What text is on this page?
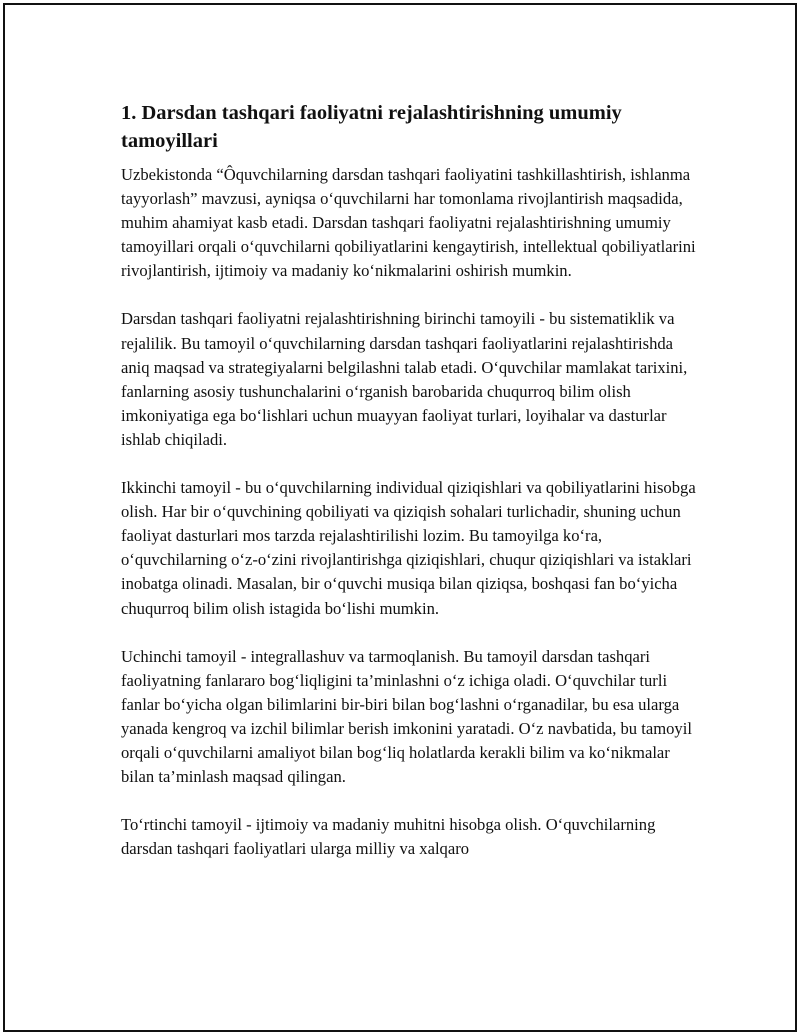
1. Darsdan tashqari faoliyatni rejalashtirishning umumiy tamoyillari

Uzbekistonda “Ôquvchilarning darsdan tashqari faoliyatini tashkillashtirish, ishlanma tayyorlash” mavzusi, ayniqsa o‘quvchilarni har tomonlama rivojlantirish maqsadida, muhim ahamiyat kasb etadi. Darsdan tashqari faoliyatni rejalashtirishning umumiy tamoyillari orqali o‘quvchilarni qobiliyatlarini kengaytirish, intellektual qobiliyatlarini rivojlantirish, ijtimoiy va madaniy ko‘nikmalarini oshirish mumkin.

Darsdan tashqari faoliyatni rejalashtirishning birinchi tamoyili - bu sistematiklik va rejalilik. Bu tamoyil o‘quvchilarning darsdan tashqari faoliyatlarini rejalashtirishda aniq maqsad va strategiyalarni belgilashni talab etadi. O‘quvchilar mamlakat tarixini, fanlarning asosiy tushunchalarini o‘rganish barobarida chuqurroq bilim olish imkoniyatiga ega bo‘lishlari uchun muayyan faoliyat turlari, loyihalar va dasturlar ishlab chiqiladi.

Ikkinchi tamoyil - bu o‘quvchilarning individual qiziqishlari va qobiliyatlarini hisobga olish. Har bir o‘quvchining qobiliyati va qiziqish sohalari turlichadir, shuning uchun faoliyat dasturlari mos tarzda rejalashtirilishi lozim. Bu tamoyilga ko‘ra, o‘quvchilarning o‘z-o‘zini rivojlantirishga qiziqishlari, chuqur qiziqishlari va istaklari inobatga olinadi. Masalan, bir o‘quvchi musiqa bilan qiziqsa, boshqasi fan bo‘yicha chuqurroq bilim olish istagida bo‘lishi mumkin.

Uchinchi tamoyil - integrallashuv va tarmoqlanish. Bu tamoyil darsdan tashqari faoliyatning fanlararo bog‘liqligini ta’minlashni o‘z ichiga oladi. O‘quvchilar turli fanlar bo‘yicha olgan bilimlarini bir-biri bilan bog‘lashni o‘rganadilar, bu esa ularga yanada kengroq va izchil bilimlar berish imkonini yaratadi. O‘z navbatida, bu tamoyil orqali o‘quvchilarni amaliyot bilan bog‘liq holatlarda kerakli bilim va ko‘nikmalar bilan ta’minlash maqsad qilingan.

To‘rtinchi tamoyil - ijtimoiy va madaniy muhitni hisobga olish. O‘quvchilarning darsdan tashqari faoliyatlari ularga milliy va xalqaro
